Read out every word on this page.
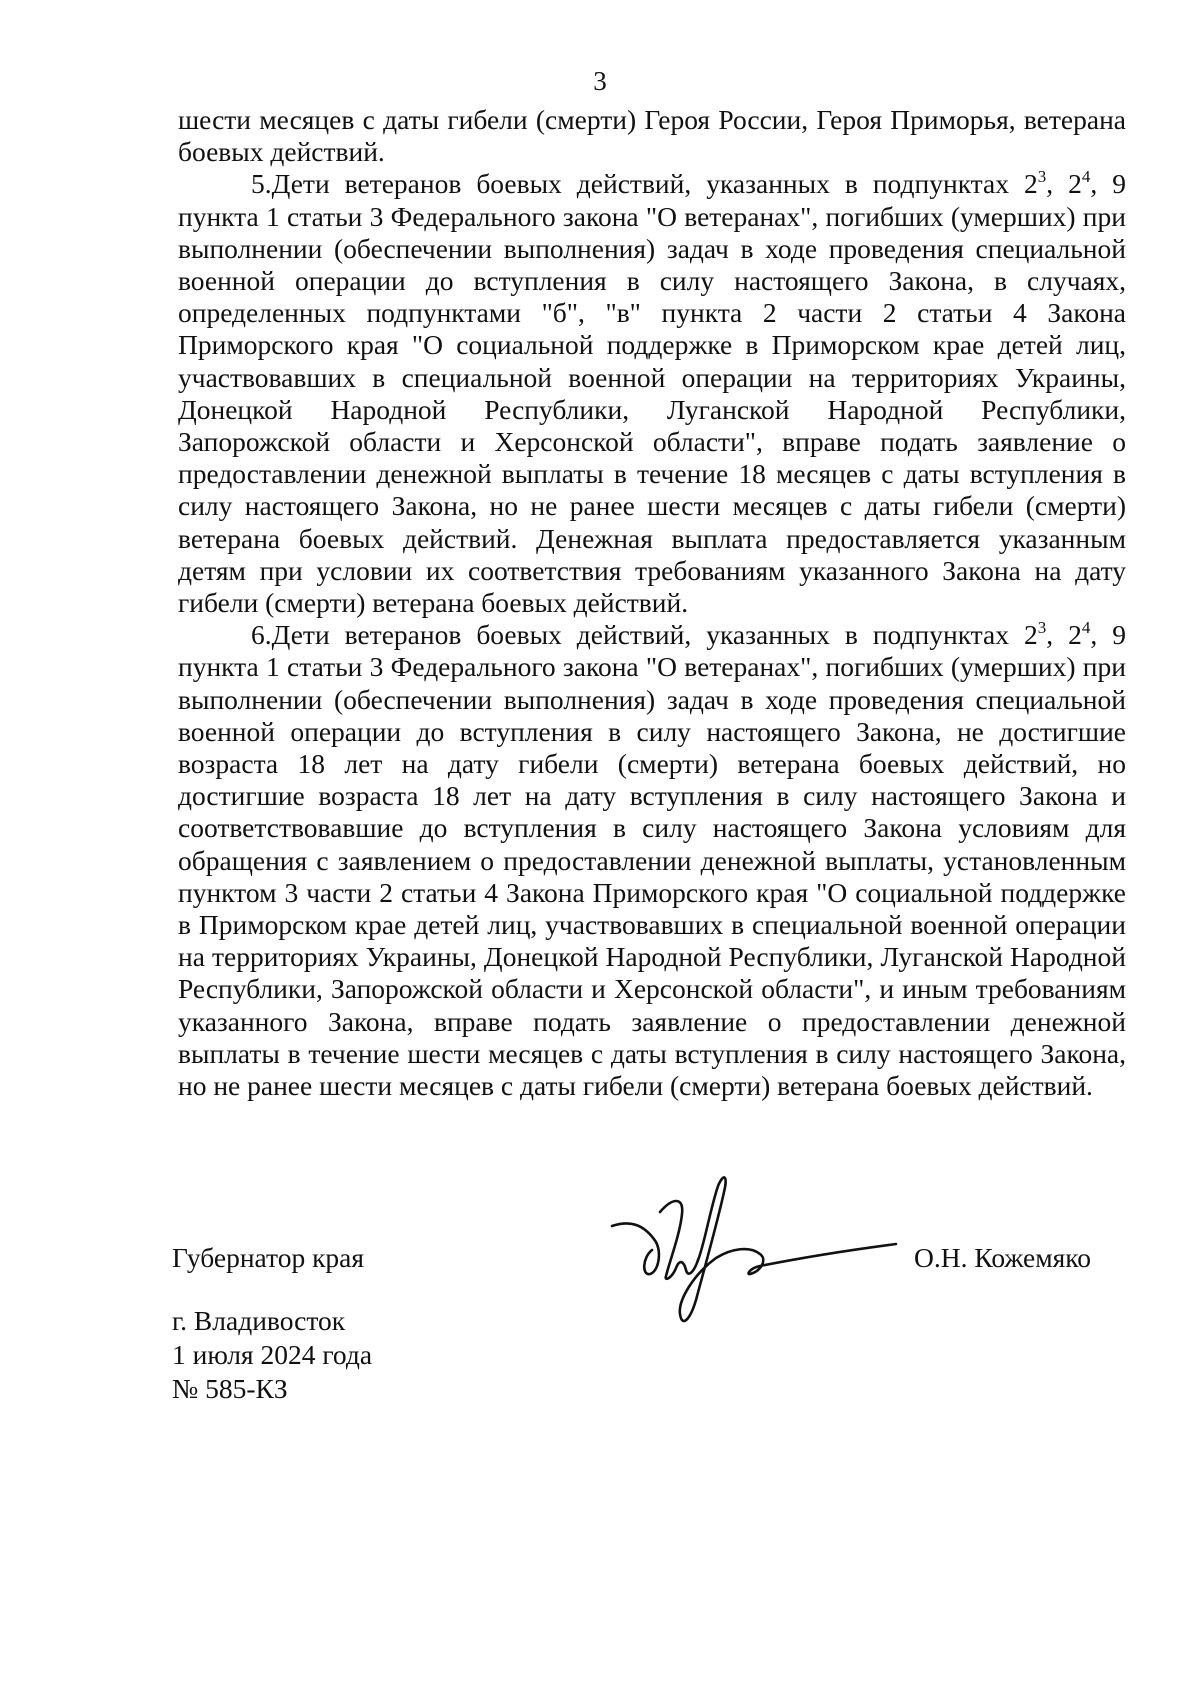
3

шести месяцев с даты гибели (смерти) Героя России, Героя Приморья, ветерана боевых действий.

5.Дети ветеранов боевых действий, указанных в подпунктах $2^3$, $2^4$, 9 пункта 1 статьи 3 Федерального закона "О ветеранах", погибших (умерших) при выполнении (обеспечении выполнения) задач в ходе проведения специальной военной операции до вступления в силу настоящего Закона, в случаях, определенных подпунктами "б", "в" пункта 2 части 2 статьи 4 Закона Приморского края "О социальной поддержке в Приморском крае детей лиц, участвовавших в специальной военной операции на территориях Украины, Донецкой Народной Республики, Луганской Народной Республики, Запорожской области и Херсонской области", вправе подать заявление о предоставлении денежной выплаты в течение 18 месяцев с даты вступления в силу настоящего Закона, но не ранее шести месяцев с даты гибели (смерти) ветерана боевых действий. Денежная выплата предоставляется указанным детям при условии их соответствия требованиям указанного Закона на дату гибели (смерти) ветерана боевых действий.

6.Дети ветеранов боевых действий, указанных в подпунктах $2^3$, $2^4$, 9 пункта 1 статьи 3 Федерального закона "О ветеранах", погибших (умерших) при выполнении (обеспечении выполнения) задач в ходе проведения специальной военной операции до вступления в силу настоящего Закона, не достигшие возраста 18 лет на дату гибели (смерти) ветерана боевых действий, но достигшие возраста 18 лет на дату вступления в силу настоящего Закона и соответствовавшие до вступления в силу настоящего Закона условиям для обращения с заявлением о предоставлении денежной выплаты, установленным пунктом 3 части 2 статьи 4 Закона Приморского края "О социальной поддержке в Приморском крае детей лиц, участвовавших в специальной военной операции на территориях Украины, Донецкой Народной Республики, Луганской Народной Республики, Запорожской области и Херсонской области", и иным требованиям указанного Закона, вправе подать заявление о предоставлении денежной выплаты в течение шести месяцев с даты вступления в силу настоящего Закона, но не ранее шести месяцев с даты гибели (смерти) ветерана боевых действий.

Губернатор края	О.Н. Кожемяко
г. Владивосток
1 июля 2024 года
№ 585-КЗ
